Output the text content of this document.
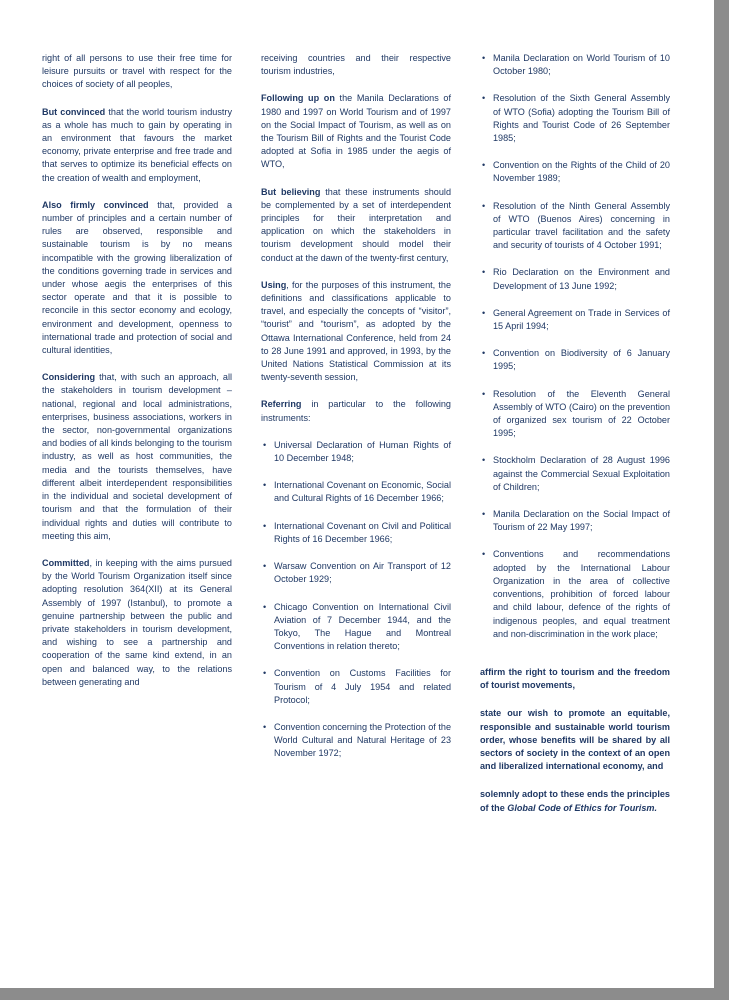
right of all persons to use their free time for leisure pursuits or travel with respect for the choices of society of all peoples,

But convinced that the world tourism industry as a whole has much to gain by operating in an environment that favours the market economy, private enterprise and free trade and that serves to optimize its beneficial effects on the creation of wealth and employment,

Also firmly convinced that, provided a number of principles and a certain number of rules are observed, responsible and sustainable tourism is by no means incompatible with the growing liberalization of the conditions governing trade in services and under whose aegis the enterprises of this sector operate and that it is possible to reconcile in this sector economy and ecology, environment and development, openness to international trade and protection of social and cultural identities,

Considering that, with such an approach, all the stakeholders in tourism development – national, regional and local administrations, enterprises, business associations, workers in the sector, non-governmental organizations and bodies of all kinds belonging to the tourism industry, as well as host communities, the media and the tourists themselves, have different albeit interdependent responsibilities in the individual and societal development of tourism and that the formulation of their individual rights and duties will contribute to meeting this aim,

Committed, in keeping with the aims pursued by the World Tourism Organization itself since adopting resolution 364(XII) at its General Assembly of 1997 (Istanbul), to promote a genuine partnership between the public and private stakeholders in tourism development, and wishing to see a partnership and cooperation of the same kind extend, in an open and balanced way, to the relations between generating and

receiving countries and their respective tourism industries,

Following up on the Manila Declarations of 1980 and 1997 on World Tourism and of 1997 on the Social Impact of Tourism, as well as on the Tourism Bill of Rights and the Tourist Code adopted at Sofia in 1985 under the aegis of WTO,

But believing that these instruments should be complemented by a set of interdependent principles for their interpretation and application on which the stakeholders in tourism development should model their conduct at the dawn of the twenty-first century,

Using, for the purposes of this instrument, the definitions and classifications applicable to travel, and especially the concepts of “visitor”, “tourist” and “tourism”, as adopted by the Ottawa International Conference, held from 24 to 28 June 1991 and approved, in 1993, by the United Nations Statistical Commission at its twenty-seventh session,

Referring in particular to the following instruments:

• Universal Declaration of Human Rights of 10 December 1948;
• International Covenant on Economic, Social and Cultural Rights of 16 December 1966;
• International Covenant on Civil and Political Rights of 16 December 1966;
• Warsaw Convention on Air Transport of 12 October 1929;
• Chicago Convention on International Civil Aviation of 7 December 1944, and the Tokyo, The Hague and Montreal Conventions in relation thereto;
• Convention on Customs Facilities for Tourism of 4 July 1954 and related Protocol;
• Convention concerning the Protection of the World Cultural and Natural Heritage of 23 November 1972;
• Manila Declaration on World Tourism of 10 October 1980;
• Resolution of the Sixth General Assembly of WTO (Sofia) adopting the Tourism Bill of Rights and Tourist Code of 26 September 1985;
• Convention on the Rights of the Child of 20 November 1989;
• Resolution of the Ninth General Assembly of WTO (Buenos Aires) concerning in particular travel facilitation and the safety and security of tourists of 4 October 1991;
• Rio Declaration on the Environment and Development of 13 June 1992;
• General Agreement on Trade in Services of 15 April 1994;
• Convention on Biodiversity of 6 January 1995;
• Resolution of the Eleventh General Assembly of WTO (Cairo) on the prevention of organized sex tourism of 22 October 1995;
• Stockholm Declaration of 28 August 1996 against the Commercial Sexual Exploitation of Children;
• Manila Declaration on the Social Impact of Tourism of 22 May 1997;
• Conventions and recommendations adopted by the International Labour Organization in the area of collective conventions, prohibition of forced labour and child labour, defence of the rights of indigenous peoples, and equal treatment and non-discrimination in the work place;

affirm the right to tourism and the freedom of tourist movements,

state our wish to promote an equitable, responsible and sustainable world tourism order, whose benefits will be shared by all sectors of society in the context of an open and liberalized international economy, and

solemnly adopt to these ends the principles of the Global Code of Ethics for Tourism.
